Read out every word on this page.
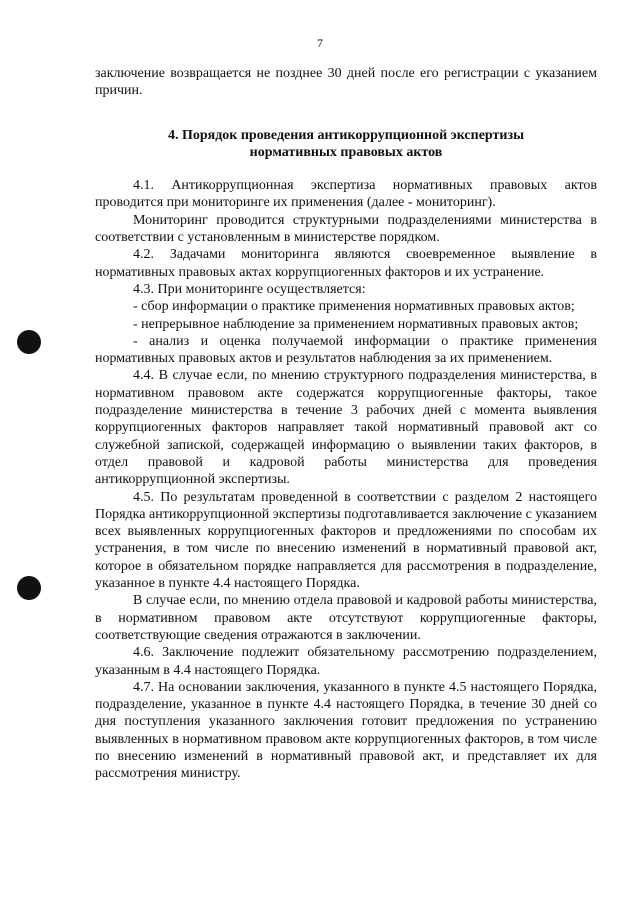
7

заключение возвращается не позднее 30 дней после его регистрации с указанием причин.

4. Порядок проведения антикоррупционной экспертизы
нормативных правовых актов

4.1. Антикоррупционная экспертиза нормативных правовых актов проводится при мониторинге их применения (далее - мониторинг).

Мониторинг проводится структурными подразделениями министерства в соответствии с установленным в министерстве порядком.

4.2. Задачами мониторинга являются своевременное выявление в нормативных правовых актах коррупциогенных факторов и их устранение.

4.3. При мониторинге осуществляется:

- сбор информации о практике применения нормативных правовых актов;

- непрерывное наблюдение за применением нормативных правовых актов;

- анализ и оценка получаемой информации о практике применения нормативных правовых актов и результатов наблюдения за их применением.

4.4. В случае если, по мнению структурного подразделения министерства, в нормативном правовом акте содержатся коррупциогенные факторы, такое подразделение министерства в течение 3 рабочих дней с момента выявления коррупциогенных факторов направляет такой нормативный правовой акт со служебной запиской, содержащей информацию о выявлении таких факторов, в отдел правовой и кадровой работы министерства для проведения антикоррупционной экспертизы.

4.5. По результатам проведенной в соответствии с разделом 2 настоящего Порядка антикоррупционной экспертизы подготавливается заключение с указанием всех выявленных коррупциогенных факторов и предложениями по способам их устранения, в том числе по внесению изменений в нормативный правовой акт, которое в обязательном порядке направляется для рассмотрения в подразделение, указанное в пункте 4.4 настоящего Порядка.

В случае если, по мнению отдела правовой и кадровой работы министерства, в нормативном правовом акте отсутствуют коррупциогенные факторы, соответствующие сведения отражаются в заключении.

4.6. Заключение подлежит обязательному рассмотрению подразделением, указанным в 4.4 настоящего Порядка.

4.7. На основании заключения, указанного в пункте 4.5 настоящего Порядка, подразделение, указанное в пункте 4.4 настоящего Порядка, в течение 30 дней со дня поступления указанного заключения готовит предложения по устранению выявленных в нормативном правовом акте коррупциогенных факторов, в том числе по внесению изменений в нормативный правовой акт, и представляет их для рассмотрения министру.
